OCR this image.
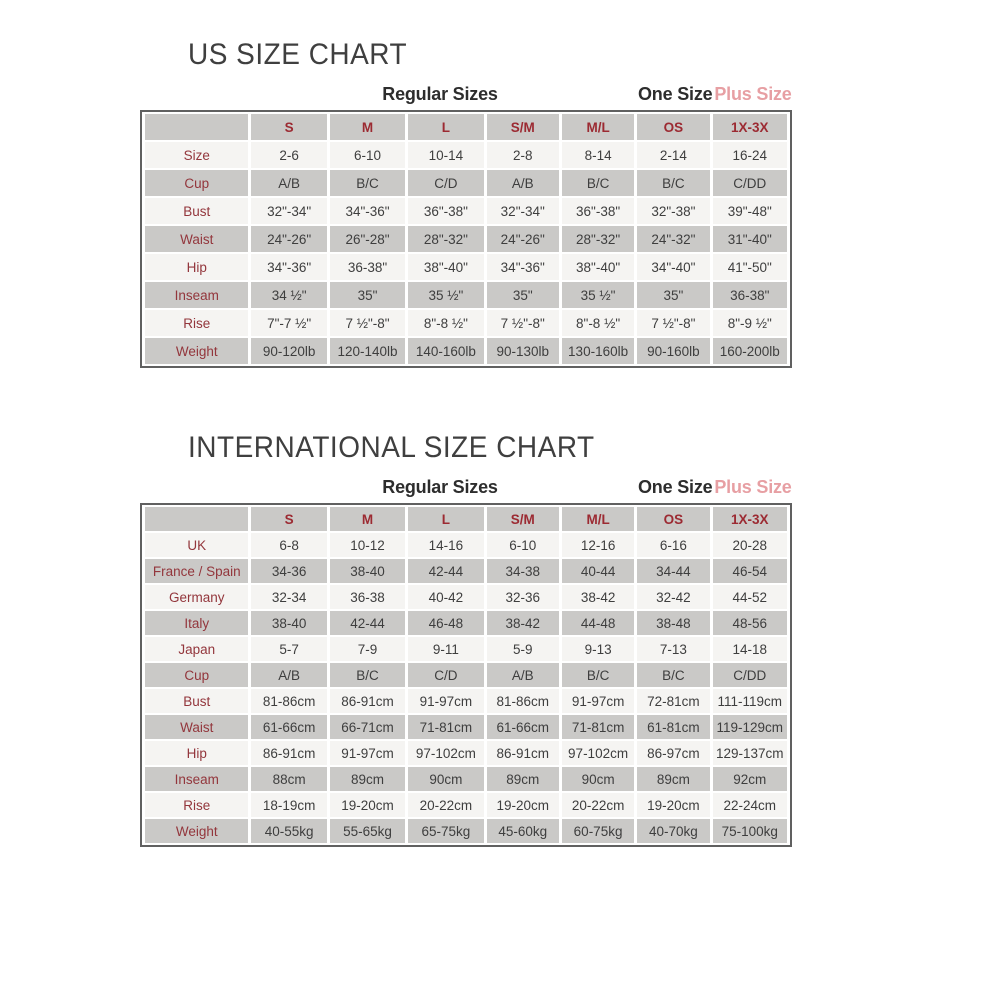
US SIZE CHART
Regular Sizes	One Size Plus Size
	S	M	L	S/M	M/L	OS	1X-3X
Size	2-6	6-10	10-14	2-8	8-14	2-14	16-24
Cup	A/B	B/C	C/D	A/B	B/C	B/C	C/DD
Bust	32"-34"	34"-36"	36"-38"	32"-34"	36"-38"	32"-38"	39"-48"
Waist	24"-26"	26"-28"	28"-32"	24"-26"	28"-32"	24"-32"	31"-40"
Hip	34"-36"	36-38"	38"-40"	34"-36"	38"-40"	34"-40"	41"-50"
Inseam	34 ½"	35"	35 ½"	35"	35 ½"	35"	36-38"
Rise	7"-7 ½"	7 ½"-8"	8"-8 ½"	7 ½"-8"	8"-8 ½"	7 ½"-8"	8"-9 ½"
Weight	90-120lb	120-140lb	140-160lb	90-130lb	130-160lb	90-160lb	160-200lb
INTERNATIONAL SIZE CHART
Regular Sizes	One Size Plus Size
	S	M	L	S/M	M/L	OS	1X-3X
UK	6-8	10-12	14-16	6-10	12-16	6-16	20-28
France / Spain	34-36	38-40	42-44	34-38	40-44	34-44	46-54
Germany	32-34	36-38	40-42	32-36	38-42	32-42	44-52
Italy	38-40	42-44	46-48	38-42	44-48	38-48	48-56
Japan	5-7	7-9	9-11	5-9	9-13	7-13	14-18
Cup	A/B	B/C	C/D	A/B	B/C	B/C	C/DD
Bust	81-86cm	86-91cm	91-97cm	81-86cm	91-97cm	72-81cm	111-119cm
Waist	61-66cm	66-71cm	71-81cm	61-66cm	71-81cm	61-81cm	119-129cm
Hip	86-91cm	91-97cm	97-102cm	86-91cm	97-102cm	86-97cm	129-137cm
Inseam	88cm	89cm	90cm	89cm	90cm	89cm	92cm
Rise	18-19cm	19-20cm	20-22cm	19-20cm	20-22cm	19-20cm	22-24cm
Weight	40-55kg	55-65kg	65-75kg	45-60kg	60-75kg	40-70kg	75-100kg
